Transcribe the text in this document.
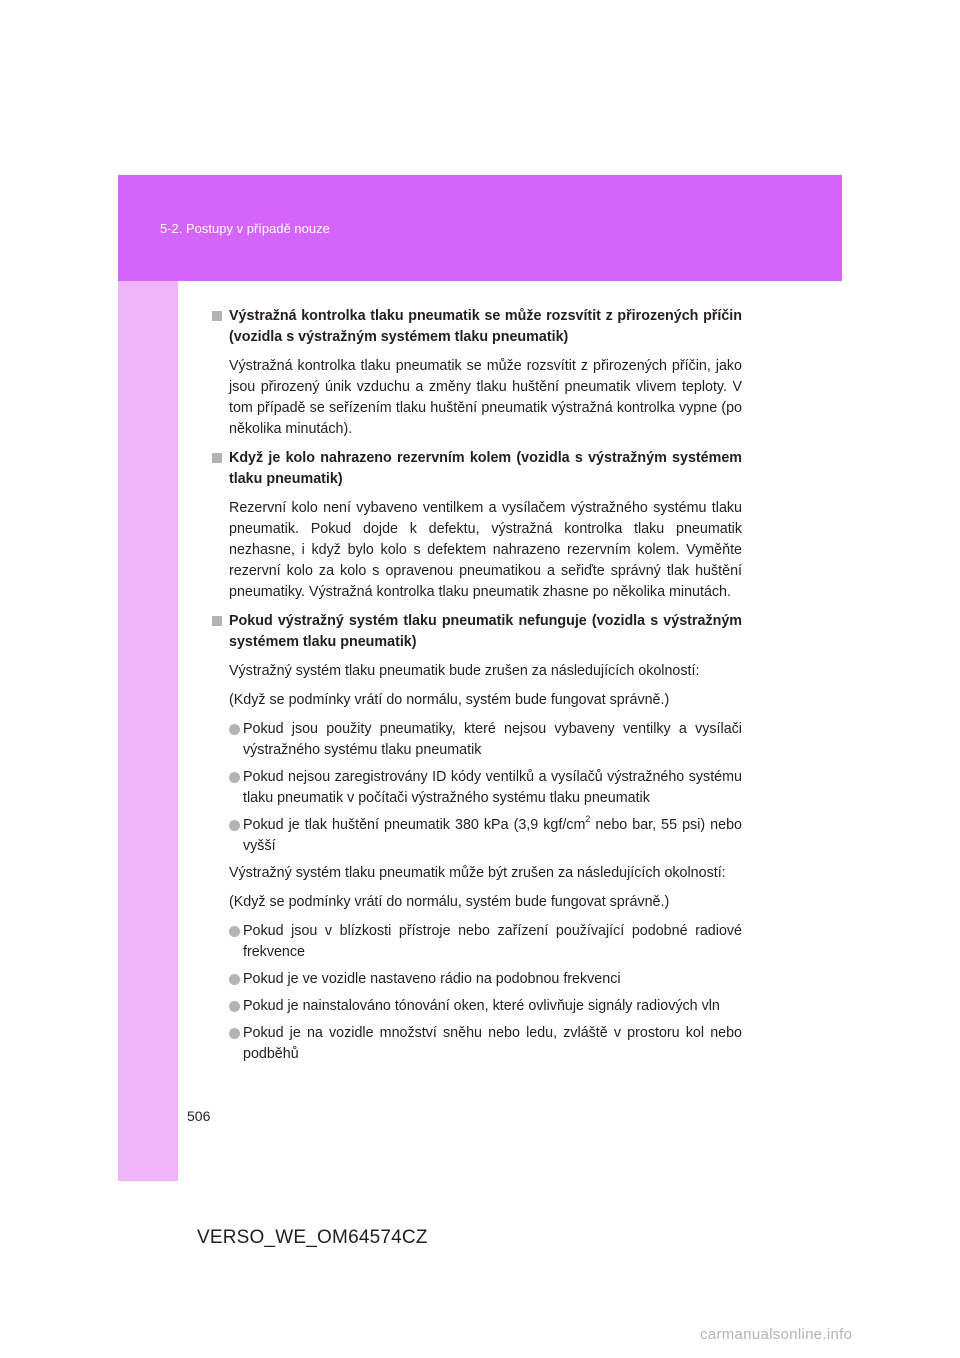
5-2. Postupy v případě nouze
Výstražná kontrolka tlaku pneumatik se může rozsvítit z přirozených příčin (vozidla s výstražným systémem tlaku pneumatik)

Výstražná kontrolka tlaku pneumatik se může rozsvítit z přirozených příčin, jako jsou přirozený únik vzduchu a změny tlaku huštění pneumatik vlivem teploty. V tom případě se seřízením tlaku huštění pneumatik výstražná kontrolka vypne (po několika minutách).

Když je kolo nahrazeno rezervním kolem (vozidla s výstražným systémem tlaku pneumatik)

Rezervní kolo není vybaveno ventilkem a vysílačem výstražného systému tlaku pneumatik. Pokud dojde k defektu, výstražná kontrolka tlaku pneumatik nezhasne, i když bylo kolo s defektem nahrazeno rezervním kolem. Vyměňte rezervní kolo za kolo s opravenou pneumatikou a seřiďte správný tlak huštění pneumatiky. Výstražná kontrolka tlaku pneumatik zhasne po několika minutách.

Pokud výstražný systém tlaku pneumatik nefunguje (vozidla s výstražným systémem tlaku pneumatik)

Výstražný systém tlaku pneumatik bude zrušen za následujících okolností:

(Když se podmínky vrátí do normálu, systém bude fungovat správně.)

Pokud jsou použity pneumatiky, které nejsou vybaveny ventilky a vysílači výstražného systému tlaku pneumatik
Pokud nejsou zaregistrovány ID kódy ventilků a vysílačů výstražného systému tlaku pneumatik v počítači výstražného systému tlaku pneumatik
Pokud je tlak huštění pneumatik 380 kPa (3,9 kgf/$cm^2$ nebo bar, 55 psi) nebo vyšší

Výstražný systém tlaku pneumatik může být zrušen za následujících okolností:

(Když se podmínky vrátí do normálu, systém bude fungovat správně.)

Pokud jsou v blízkosti přístroje nebo zařízení používající podobné radiové frekvence
Pokud je ve vozidle nastaveno rádio na podobnou frekvenci
Pokud je nainstalováno tónování oken, které ovlivňuje signály radiových vln
Pokud je na vozidle množství sněhu nebo ledu, zvláště v prostoru kol nebo podběhů
506
VERSO_WE_OM64574CZ
carmanualsonline.info
